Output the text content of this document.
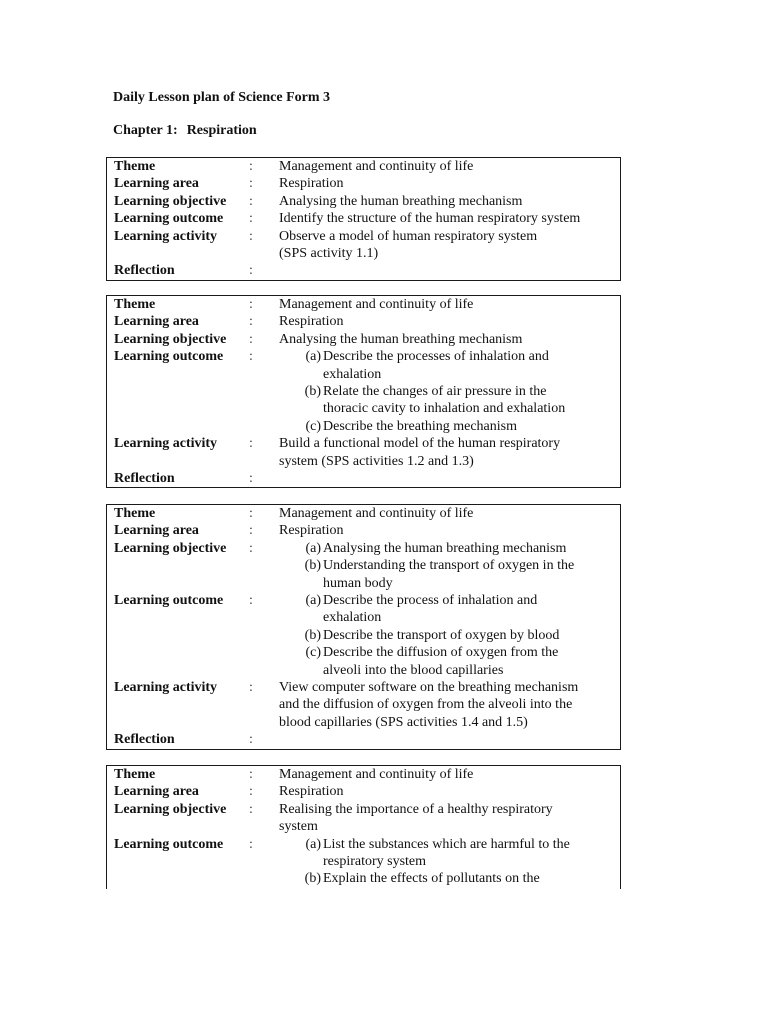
Daily Lesson plan of Science Form 3
Chapter 1: Respiration
Theme	:	Management and continuity of life
Learning area	:	Respiration
Learning objective	:	Analysing the human breathing mechanism
Learning outcome	:	Identify the structure of the human respiratory system
Learning activity	:	Observe a model of human respiratory system
(SPS activity 1.1)
Reflection	:
Theme	:	Management and continuity of life
Learning area	:	Respiration
Learning objective	:	Analysing the human breathing mechanism
Learning outcome	:	(a) Describe the processes of inhalation and
exhalation
(b) Relate the changes of air pressure in the
thoracic cavity to inhalation and exhalation
(c) Describe the breathing mechanism
Learning activity	:	Build a functional model of the human respiratory
system (SPS activities 1.2 and 1.3)
Reflection	:
Theme	:	Management and continuity of life
Learning area	:	Respiration
Learning objective	:	(a) Analysing the human breathing mechanism
(b) Understanding the transport of oxygen in the
human body
Learning outcome	:	(a) Describe the process of inhalation and
exhalation
(b) Describe the transport of oxygen by blood
(c) Describe the diffusion of oxygen from the
alveoli into the blood capillaries
Learning activity	:	View computer software on the breathing mechanism
and the diffusion of oxygen from the alveoli into the
blood capillaries (SPS activities 1.4 and 1.5)
Reflection	:
Theme	:	Management and continuity of life
Learning area	:	Respiration
Learning objective	:	Realising the importance of a healthy respiratory
system
Learning outcome	:	(a) List the substances which are harmful to the
respiratory system
(b) Explain the effects of pollutants on the
